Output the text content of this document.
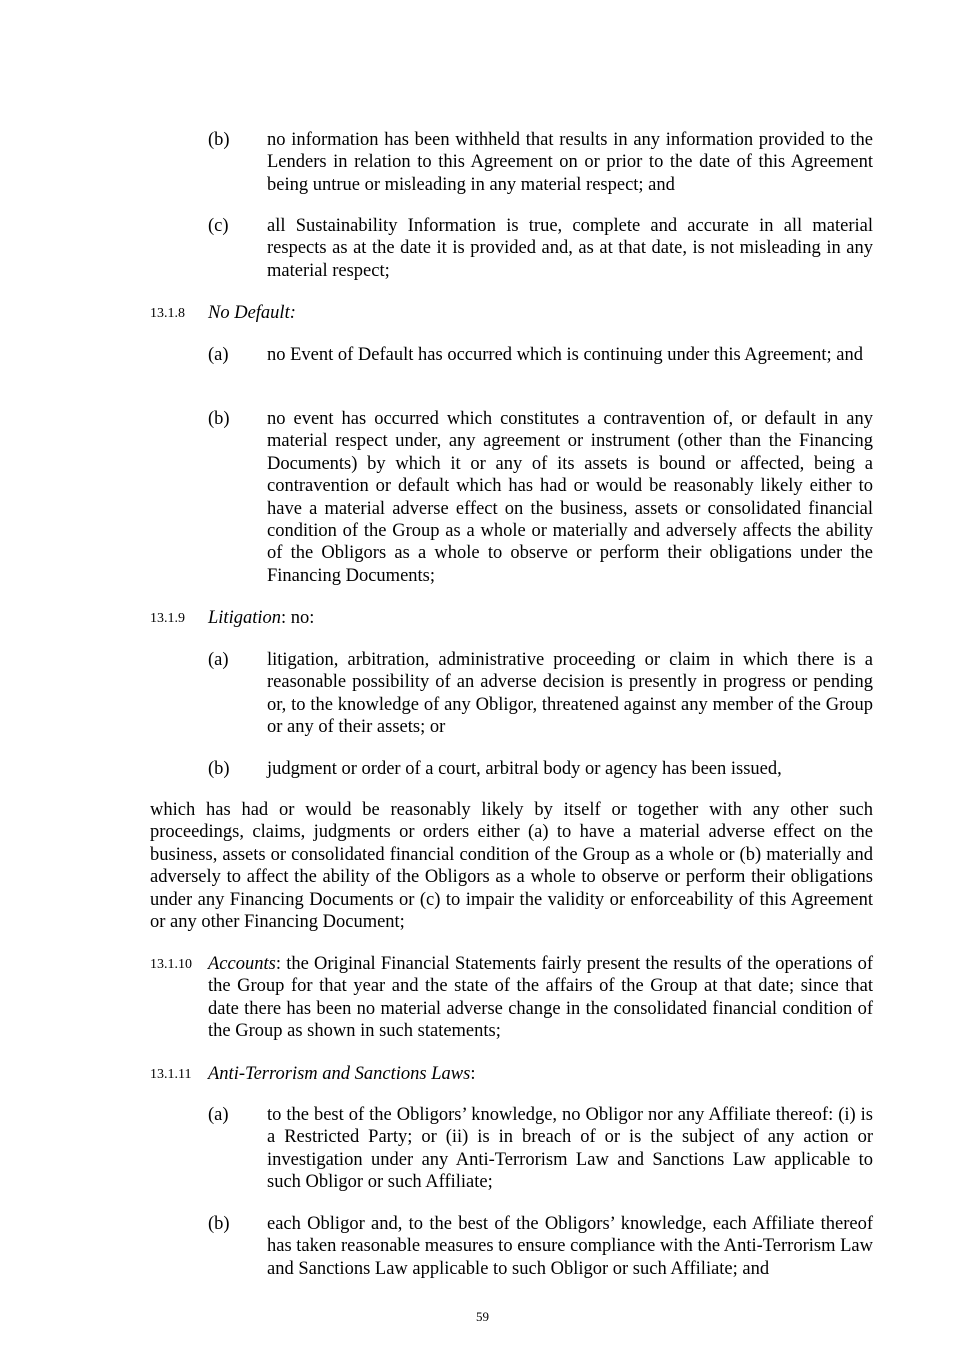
(b) no information has been withheld that results in any information provided to the Lenders in relation to this Agreement on or prior to the date of this Agreement being untrue or misleading in any material respect; and
(c) all Sustainability Information is true, complete and accurate in all material respects as at the date it is provided and, as at that date, is not misleading in any material respect;
13.1.8 No Default:
(a) no Event of Default has occurred which is continuing under this Agreement; and
(b) no event has occurred which constitutes a contravention of, or default in any material respect under, any agreement or instrument (other than the Financing Documents) by which it or any of its assets is bound or affected, being a contravention or default which has had or would be reasonably likely either to have a material adverse effect on the business, assets or consolidated financial condition of the Group as a whole or materially and adversely affects the ability of the Obligors as a whole to observe or perform their obligations under the Financing Documents;
13.1.9 Litigation: no:
(a) litigation, arbitration, administrative proceeding or claim in which there is a reasonable possibility of an adverse decision is presently in progress or pending or, to the knowledge of any Obligor, threatened against any member of the Group or any of their assets; or
(b) judgment or order of a court, arbitral body or agency has been issued,
which has had or would be reasonably likely by itself or together with any other such proceedings, claims, judgments or orders either (a) to have a material adverse effect on the business, assets or consolidated financial condition of the Group as a whole or (b) materially and adversely to affect the ability of the Obligors as a whole to observe or perform their obligations under any Financing Documents or (c) to impair the validity or enforceability of this Agreement or any other Financing Document;
13.1.10 Accounts: the Original Financial Statements fairly present the results of the operations of the Group for that year and the state of the affairs of the Group at that date; since that date there has been no material adverse change in the consolidated financial condition of the Group as shown in such statements;
13.1.11 Anti-Terrorism and Sanctions Laws:
(a) to the best of the Obligors’ knowledge, no Obligor nor any Affiliate thereof: (i) is a Restricted Party; or (ii) is in breach of or is the subject of any action or investigation under any Anti-Terrorism Law and Sanctions Law applicable to such Obligor or such Affiliate;
(b) each Obligor and, to the best of the Obligors’ knowledge, each Affiliate thereof has taken reasonable measures to ensure compliance with the Anti-Terrorism Law and Sanctions Law applicable to such Obligor or such Affiliate; and
59
